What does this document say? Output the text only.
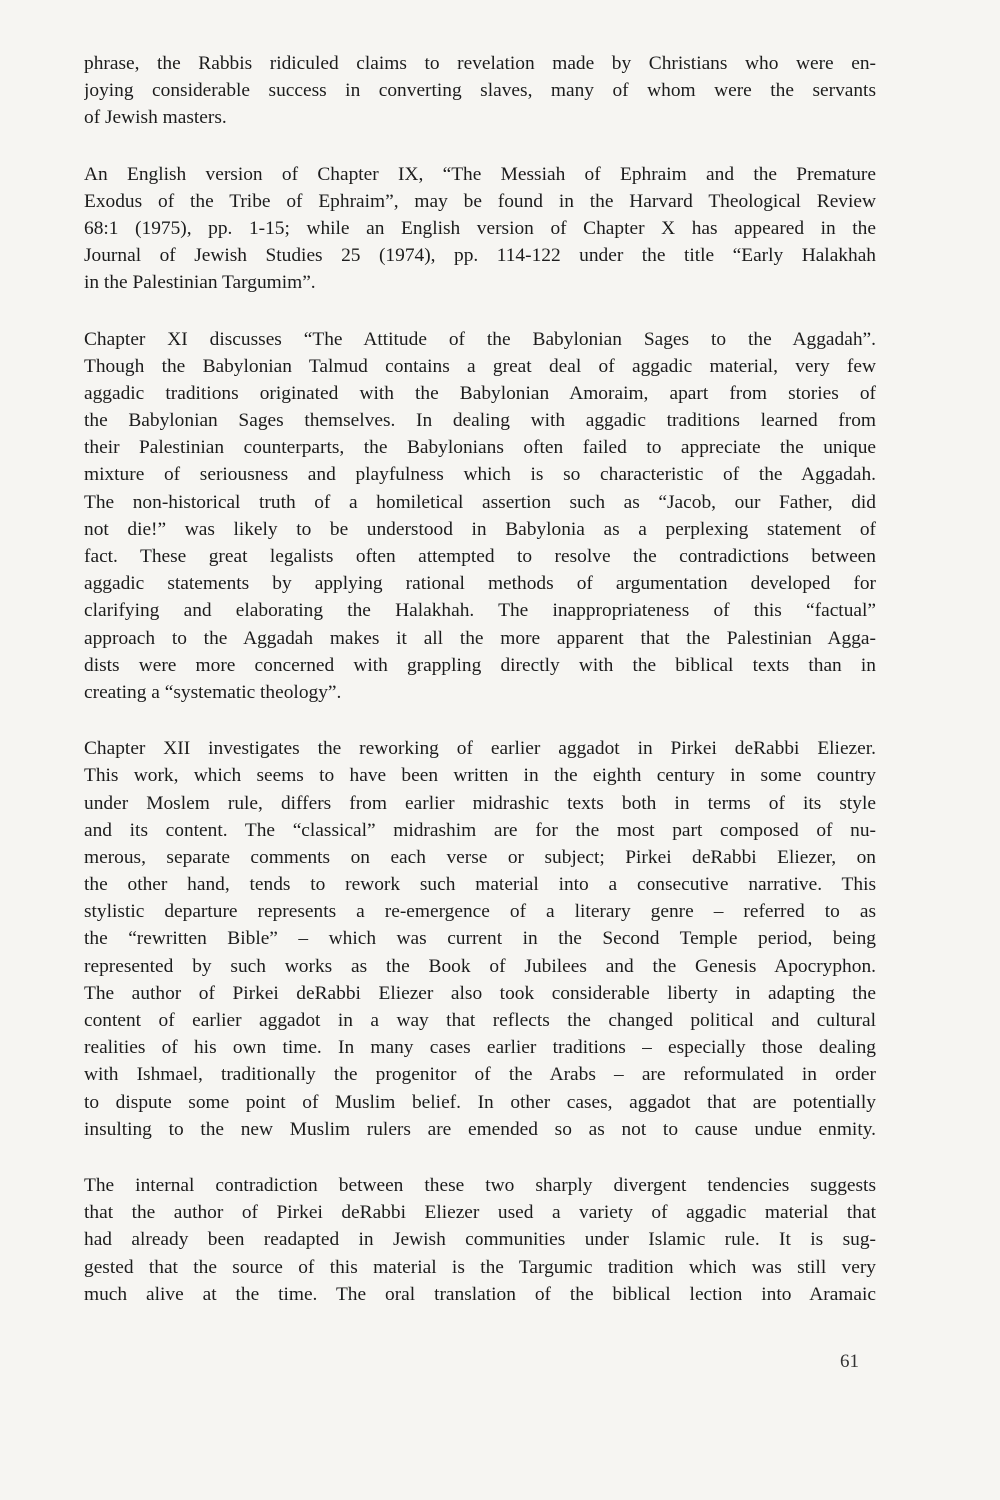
phrase, the Rabbis ridiculed claims to revelation made by Christians who were en-
joying considerable success in converting slaves, many of whom were the servants
of Jewish masters.

An English version of Chapter IX, “The Messiah of Ephraim and the Premature
Exodus of the Tribe of Ephraim”, may be found in the Harvard Theological Review
68:1 (1975), pp. 1-15; while an English version of Chapter X has appeared in the
Journal of Jewish Studies 25 (1974), pp. 114-122 under the title “Early Halakhah
in the Palestinian Targumim”.

Chapter XI discusses “The Attitude of the Babylonian Sages to the Aggadah”.
Though the Babylonian Talmud contains a great deal of aggadic material, very few
aggadic traditions originated with the Babylonian Amoraim, apart from stories of
the Babylonian Sages themselves. In dealing with aggadic traditions learned from
their Palestinian counterparts, the Babylonians often failed to appreciate the unique
mixture of seriousness and playfulness which is so characteristic of the Aggadah.
The non-historical truth of a homiletical assertion such as “Jacob, our Father, did
not die!” was likely to be understood in Babylonia as a perplexing statement of
fact. These great legalists often attempted to resolve the contradictions between
aggadic statements by applying rational methods of argumentation developed for
clarifying and elaborating the Halakhah. The inappropriateness of this “factual”
approach to the Aggadah makes it all the more apparent that the Palestinian Agga-
dists were more concerned with grappling directly with the biblical texts than in
creating a “systematic theology”.

Chapter XII investigates the reworking of earlier aggadot in Pirkei deRabbi Eliezer.
This work, which seems to have been written in the eighth century in some country
under Moslem rule, differs from earlier midrashic texts both in terms of its style
and its content. The “classical” midrashim are for the most part composed of nu-
merous, separate comments on each verse or subject; Pirkei deRabbi Eliezer, on
the other hand, tends to rework such material into a consecutive narrative. This
stylistic departure represents a re-emergence of a literary genre – referred to as
the “rewritten Bible” – which was current in the Second Temple period, being
represented by such works as the Book of Jubilees and the Genesis Apocryphon.
The author of Pirkei deRabbi Eliezer also took considerable liberty in adapting the
content of earlier aggadot in a way that reflects the changed political and cultural
realities of his own time. In many cases earlier traditions – especially those dealing
with Ishmael, traditionally the progenitor of the Arabs – are reformulated in order
to dispute some point of Muslim belief. In other cases, aggadot that are potentially
insulting to the new Muslim rulers are emended so as not to cause undue enmity.

The internal contradiction between these two sharply divergent tendencies suggests
that the author of Pirkei deRabbi Eliezer used a variety of aggadic material that
had already been readapted in Jewish communities under Islamic rule. It is sug-
gested that the source of this material is the Targumic tradition which was still very
much alive at the time. The oral translation of the biblical lection into Aramaic

61
